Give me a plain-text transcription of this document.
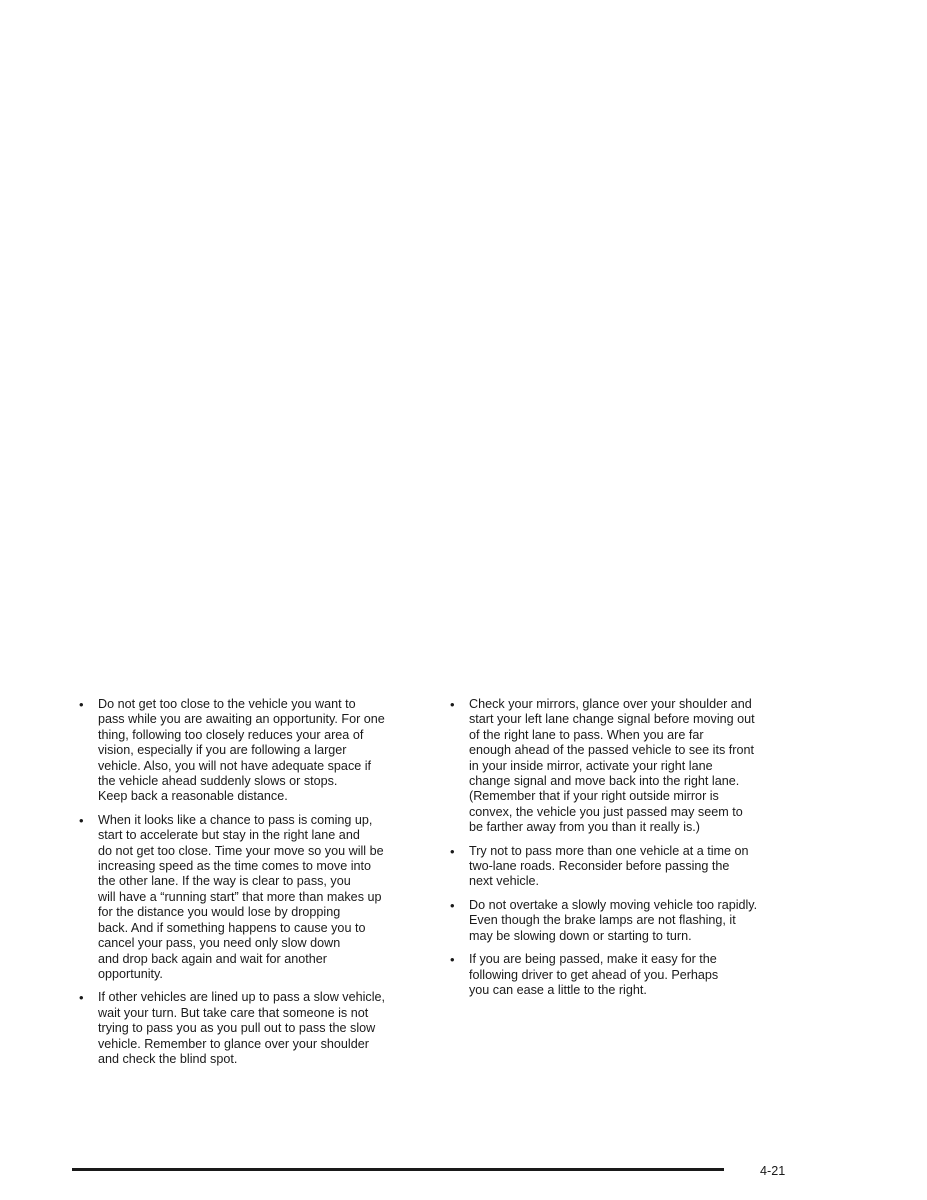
• Do not get too close to the vehicle you want to
pass while you are awaiting an opportunity. For one
thing, following too closely reduces your area of
vision, especially if you are following a larger
vehicle. Also, you will not have adequate space if
the vehicle ahead suddenly slows or stops.
Keep back a reasonable distance.
• When it looks like a chance to pass is coming up,
start to accelerate but stay in the right lane and
do not get too close. Time your move so you will be
increasing speed as the time comes to move into
the other lane. If the way is clear to pass, you
will have a “running start” that more than makes up
for the distance you would lose by dropping
back. And if something happens to cause you to
cancel your pass, you need only slow down
and drop back again and wait for another
opportunity.
• If other vehicles are lined up to pass a slow vehicle,
wait your turn. But take care that someone is not
trying to pass you as you pull out to pass the slow
vehicle. Remember to glance over your shoulder
and check the blind spot.
• Check your mirrors, glance over your shoulder and
start your left lane change signal before moving out
of the right lane to pass. When you are far
enough ahead of the passed vehicle to see its front
in your inside mirror, activate your right lane
change signal and move back into the right lane.
(Remember that if your right outside mirror is
convex, the vehicle you just passed may seem to
be farther away from you than it really is.)
• Try not to pass more than one vehicle at a time on
two-lane roads. Reconsider before passing the
next vehicle.
• Do not overtake a slowly moving vehicle too rapidly.
Even though the brake lamps are not flashing, it
may be slowing down or starting to turn.
• If you are being passed, make it easy for the
following driver to get ahead of you. Perhaps
you can ease a little to the right.
4-21
